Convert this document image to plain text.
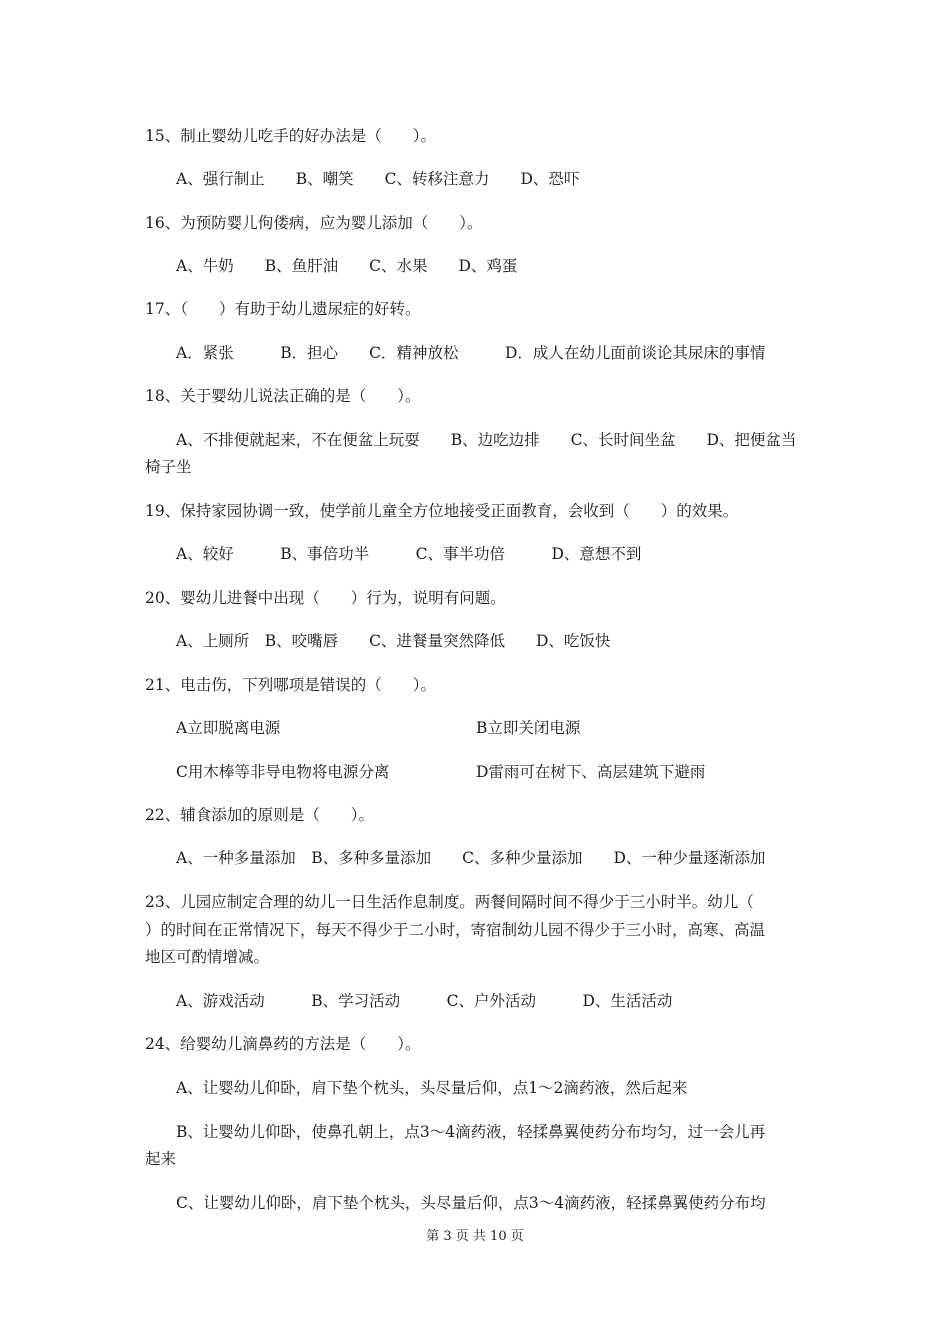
15、制止婴幼儿吃手的好办法是（　　）。
A、强行制止　　B、嘲笑　　C、转移注意力　　D、恐吓
16、为预防婴儿佝偻病，应为婴儿添加（　　）。
A、牛奶　　B、鱼肝油　　C、水果　　D、鸡蛋
17、（　　）有助于幼儿遗尿症的好转。
A．紧张　　　B．担心　　C．精神放松　　　D．成人在幼儿面前谈论其尿床的事情
18、关于婴幼儿说法正确的是（　　）。
A、不排便就起来，不在便盆上玩耍　　B、边吃边排　　C、长时间坐盆　　D、把便盆当
椅子坐
19、保持家园协调一致，使学前儿童全方位地接受正面教育，会收到（　　）的效果。
A、较好　　　B、事倍功半　　　C、事半功倍　　　D、意想不到
20、婴幼儿进餐中出现（　　）行为，说明有问题。
A、上厕所　B、咬嘴唇　　C、进餐量突然降低　　D、吃饭快
21、电击伤，下列哪项是错误的（　　）。
A立即脱离电源	B立即关闭电源
C用木棒等非导电物将电源分离	D雷雨可在树下、高层建筑下避雨
22、辅食添加的原则是（　　）。
A、一种多量添加　B、多种多量添加　　C、多种少量添加　　D、一种少量逐渐添加
23、儿园应制定合理的幼儿一日生活作息制度。两餐间隔时间不得少于三小时半。幼儿（
）的时间在正常情况下，每天不得少于二小时，寄宿制幼儿园不得少于三小时，高寒、高温
地区可酌情增减。
A、游戏活动　　　B、学习活动　　　C、户外活动　　　D、生活活动
24、给婴幼儿滴鼻药的方法是（　　）。
A、让婴幼儿仰卧，肩下垫个枕头，头尽量后仰，点1～2滴药液，然后起来
B、让婴幼儿仰卧，使鼻孔朝上，点3～4滴药液，轻揉鼻翼使药分布均匀，过一会儿再
起来
C、让婴幼儿仰卧，肩下垫个枕头，头尽量后仰，点3～4滴药液，轻揉鼻翼使药分布均
第 3 页 共 10 页
